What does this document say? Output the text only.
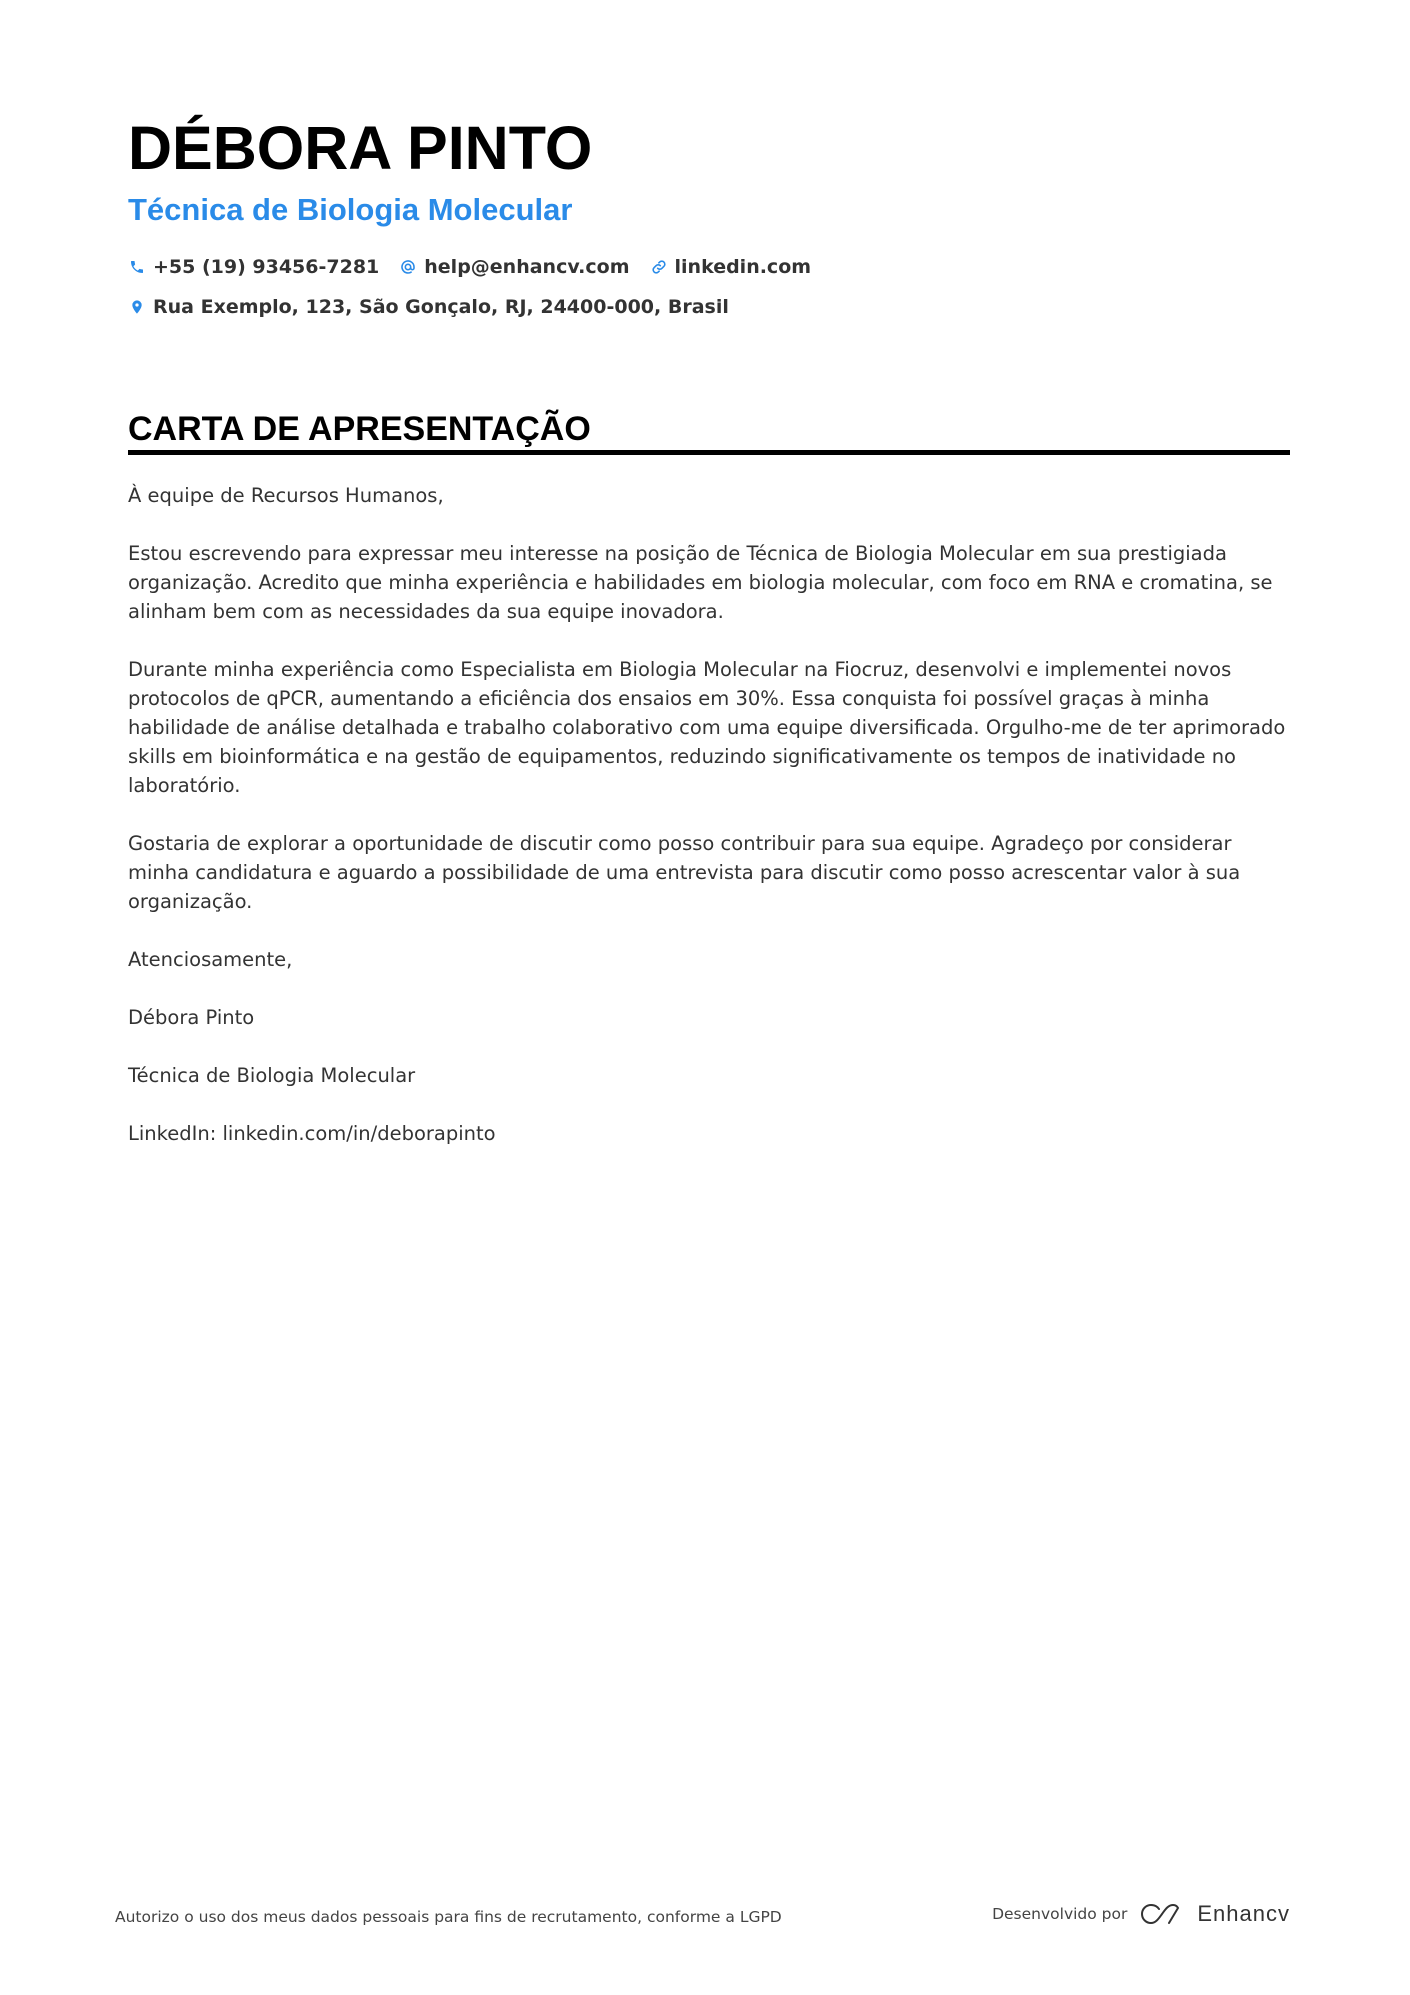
DÉBORA PINTO
Técnica de Biologia Molecular
+55 (19) 93456-7281 help@enhancv.com linkedin.com
Rua Exemplo, 123, São Gonçalo, RJ, 24400-000, Brasil
CARTA DE APRESENTAÇÃO

À equipe de Recursos Humanos,

Estou escrevendo para expressar meu interesse na posição de Técnica de Biologia Molecular em sua prestigiada organização. Acredito que minha experiência e habilidades em biologia molecular, com foco em RNA e cromatina, se alinham bem com as necessidades da sua equipe inovadora.

Durante minha experiência como Especialista em Biologia Molecular na Fiocruz, desenvolvi e implementei novos protocolos de qPCR, aumentando a eficiência dos ensaios em 30%. Essa conquista foi possível graças à minha habilidade de análise detalhada e trabalho colaborativo com uma equipe diversificada. Orgulho-me de ter aprimorado skills em bioinformática e na gestão de equipamentos, reduzindo significativamente os tempos de inatividade no laboratório.

Gostaria de explorar a oportunidade de discutir como posso contribuir para sua equipe. Agradeço por considerar minha candidatura e aguardo a possibilidade de uma entrevista para discutir como posso acrescentar valor à sua organização.

Atenciosamente,

Débora Pinto

Técnica de Biologia Molecular

LinkedIn: linkedin.com/in/deborapinto

Autorizo o uso dos meus dados pessoais para fins de recrutamento, conforme a LGPD	Desenvolvido por	Enhancv
